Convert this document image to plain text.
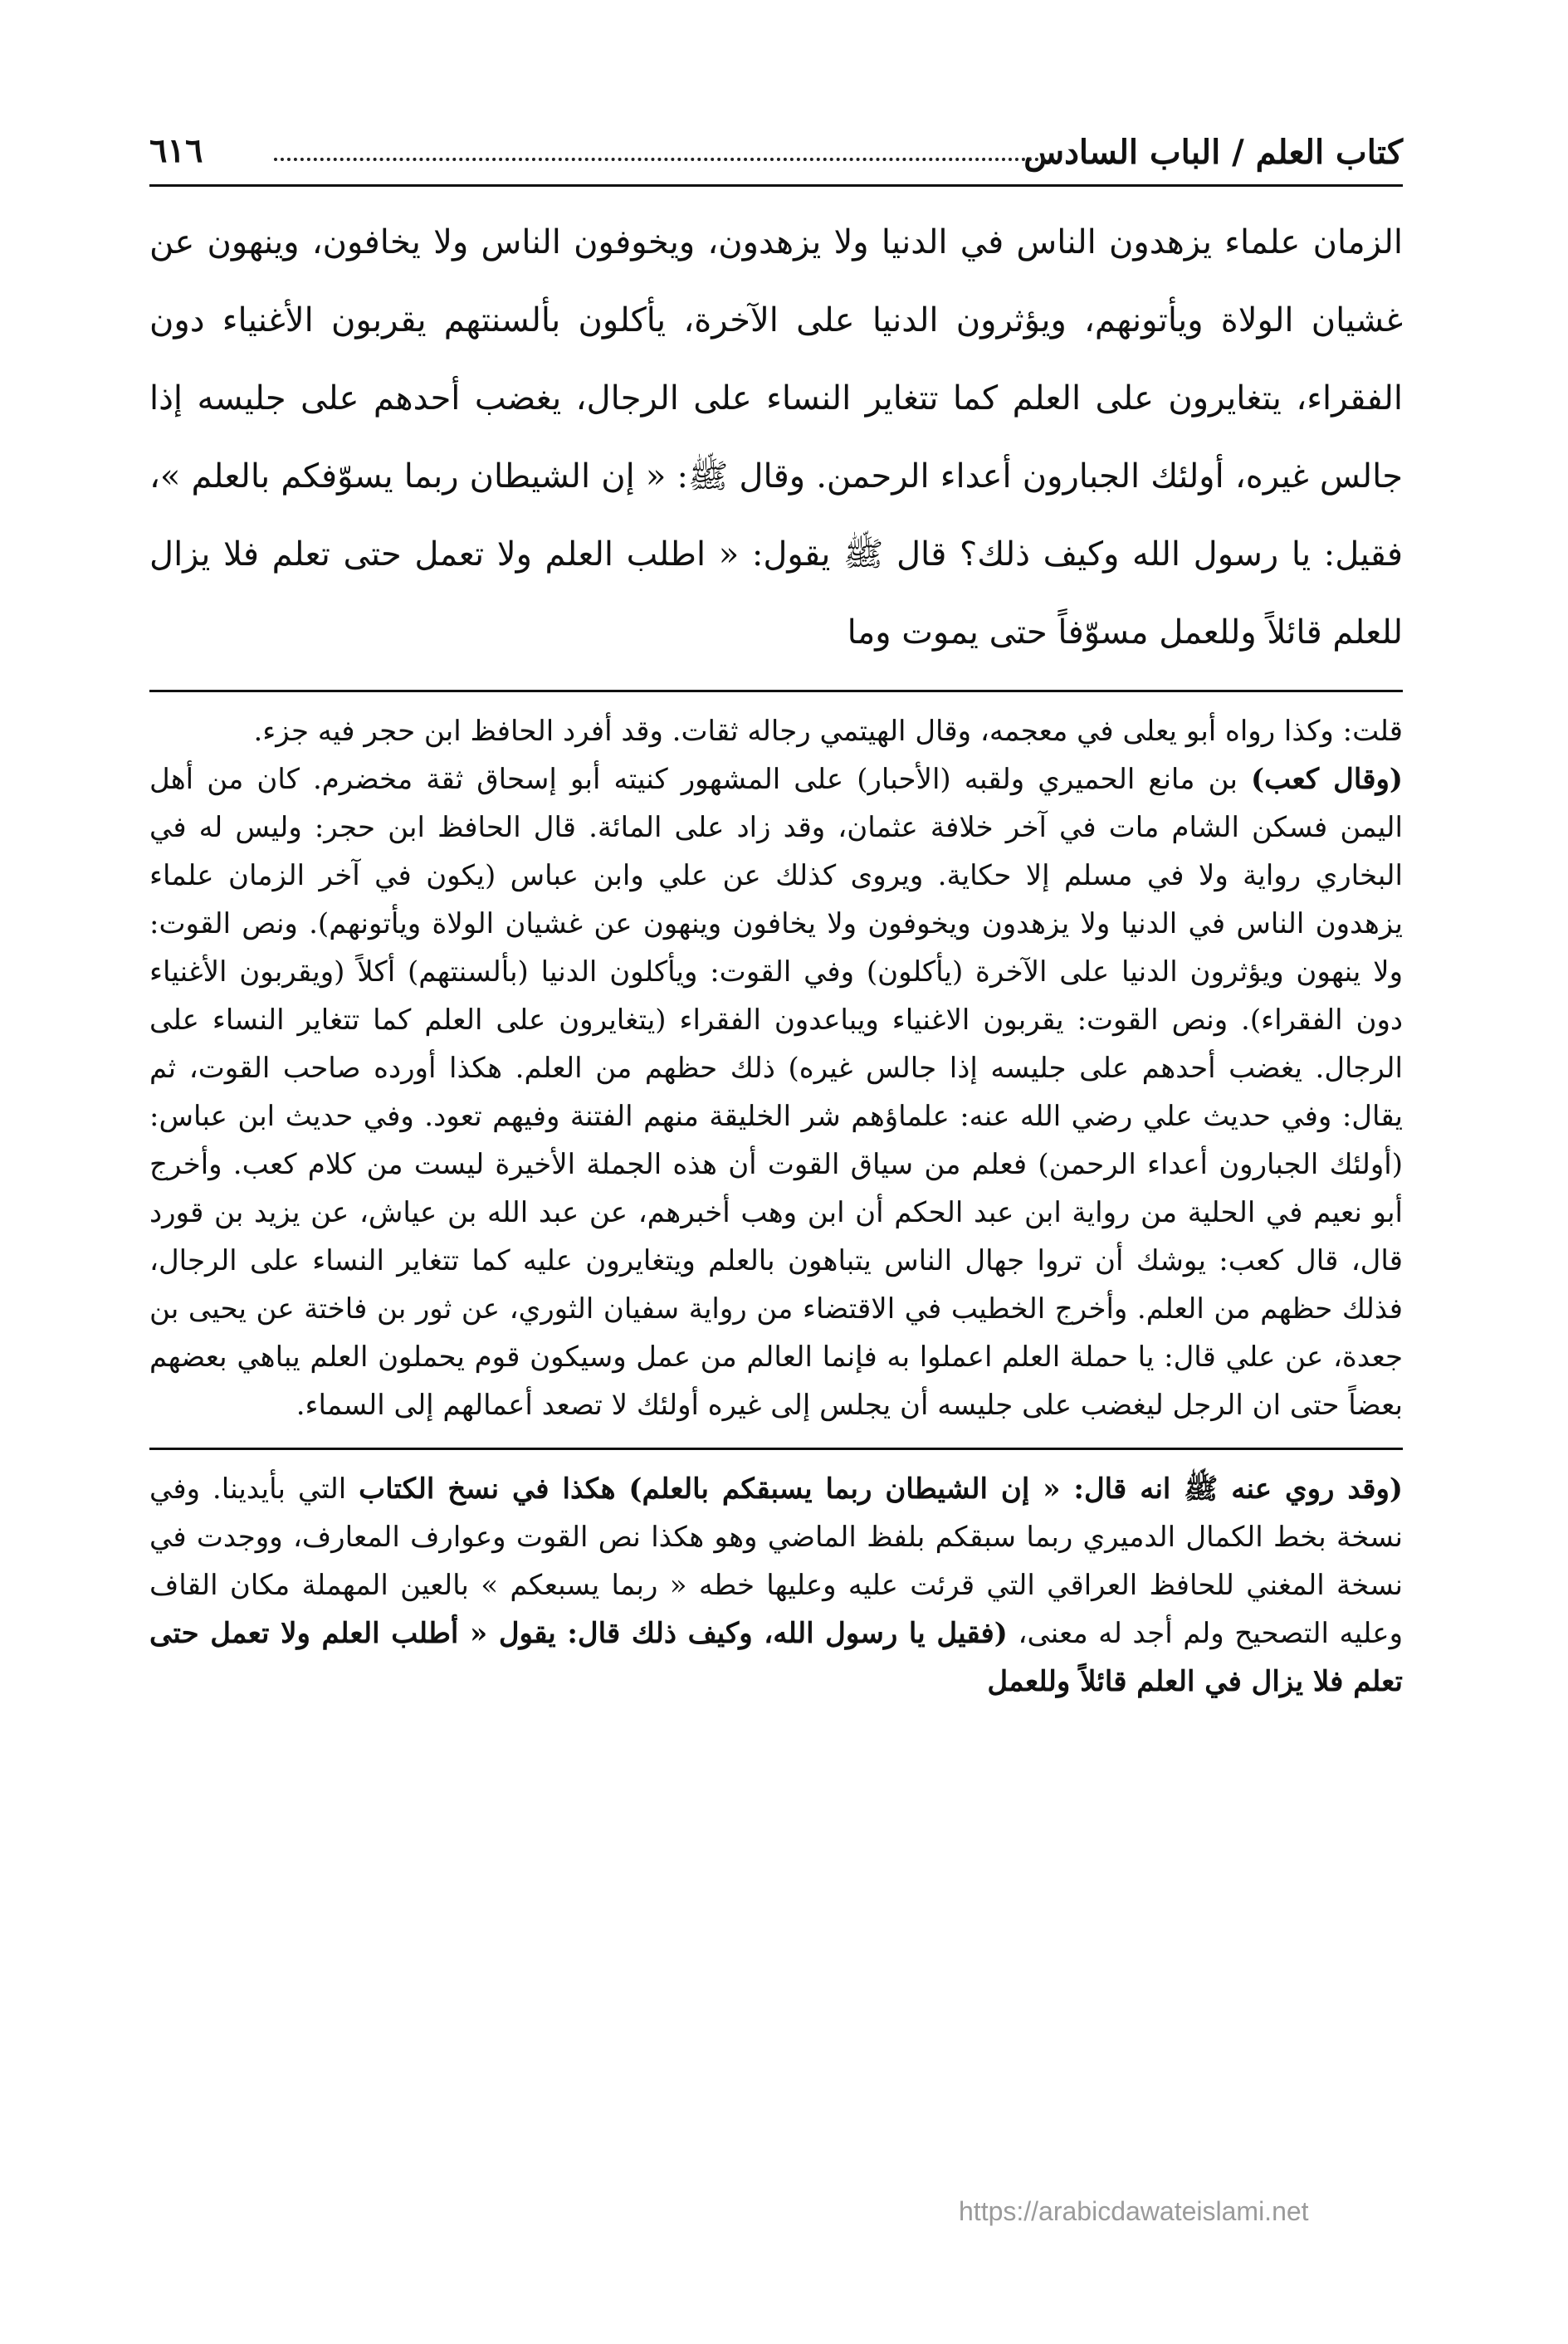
كتاب العلم / الباب السادس
٦١٦
الزمان علماء يزهدون الناس في الدنيا ولا يزهدون، ويخوفون الناس ولا يخافون، وينهون عن غشيان الولاة ويأتونهم، ويؤثرون الدنيا على الآخرة، يأكلون بألسنتهم يقربون الأغنياء دون الفقراء، يتغايرون على العلم كما تتغاير النساء على الرجال، يغضب أحدهم على جليسه إذا جالس غيره، أولئك الجبارون أعداء الرحمن. وقال ﷺ: « إن الشيطان ربما يسوّفكم بالعلم »، فقيل: يا رسول الله وكيف ذلك؟ قال ﷺ يقول: « اطلب العلم ولا تعمل حتى تعلم فلا يزال للعلم قائلاً وللعمل مسوّفاً حتى يموت وما

قلت: وكذا رواه أبو يعلى في معجمه، وقال الهيتمي رجاله ثقات. وقد أفرد الحافظ ابن حجر فيه جزء.

(وقال كعب) بن مانع الحميري ولقبه (الأحبار) على المشهور كنيته أبو إسحاق ثقة مخضرم. كان من أهل اليمن فسكن الشام مات في آخر خلافة عثمان، وقد زاد على المائة. قال الحافظ ابن حجر: وليس له في البخاري رواية ولا في مسلم إلا حكاية. ويروى كذلك عن علي وابن عباس (يكون في آخر الزمان علماء يزهدون الناس في الدنيا ولا يزهدون ويخوفون ولا يخافون وينهون عن غشيان الولاة ويأتونهم). ونص القوت: ولا ينهون ويؤثرون الدنيا على الآخرة (يأكلون) وفي القوت: ويأكلون الدنيا (بألسنتهم) أكلاً (ويقربون الأغنياء دون الفقراء). ونص القوت: يقربون الاغنياء ويباعدون الفقراء (يتغايرون على العلم كما تتغاير النساء على الرجال. يغضب أحدهم على جليسه إذا جالس غيره) ذلك حظهم من العلم. هكذا أورده صاحب القوت، ثم يقال: وفي حديث علي رضي الله عنه: علماؤهم شر الخليقة منهم الفتنة وفيهم تعود. وفي حديث ابن عباس: (أولئك الجبارون أعداء الرحمن) فعلم من سياق القوت أن هذه الجملة الأخيرة ليست من كلام كعب. وأخرج أبو نعيم في الحلية من رواية ابن عبد الحكم أن ابن وهب أخبرهم، عن عبد الله بن عياش، عن يزيد بن قورد قال، قال كعب: يوشك أن تروا جهال الناس يتباهون بالعلم ويتغايرون عليه كما تتغاير النساء على الرجال، فذلك حظهم من العلم. وأخرج الخطيب في الاقتضاء من رواية سفيان الثوري، عن ثور بن فاختة عن يحيى بن جعدة، عن علي قال: يا حملة العلم اعملوا به فإنما العالم من عمل وسيكون قوم يحملون العلم يباهي بعضهم بعضاً حتى ان الرجل ليغضب على جليسه أن يجلس إلى غيره أولئك لا تصعد أعمالهم إلى السماء.

(وقد روي عنه ﷺ انه قال: « إن الشيطان ربما يسبقكم بالعلم) هكذا في نسخ الكتاب التي بأيدينا. وفي نسخة بخط الكمال الدميري ربما سبقكم بلفظ الماضي وهو هكذا نص القوت وعوارف المعارف، ووجدت في نسخة المغني للحافظ العراقي التي قرئت عليه وعليها خطه « ربما يسبعكم » بالعين المهملة مكان القاف وعليه التصحيح ولم أجد له معنى، (فقيل يا رسول الله، وكيف ذلك قال: يقول « أطلب العلم ولا تعمل حتى تعلم فلا يزال في العلم قائلاً وللعمل

https://arabicdawateislami.net
